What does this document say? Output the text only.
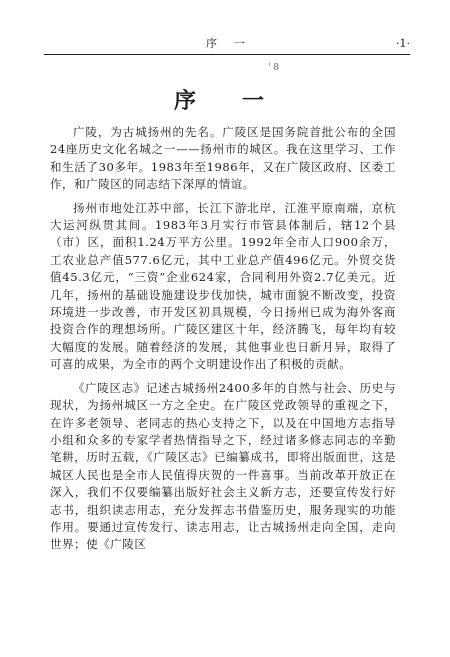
序　一	·1·
' 8
序　一

广陵，为古城扬州的先名。广陵区是国务院首批公布的全国24座历史文化名城之一——扬州市的城区。我在这里学习、工作和生活了30多年。1983年至1986年，又在广陵区政府、区委工作，和广陵区的同志结下深厚的情谊。

扬州市地处江苏中部，长江下游北岸，江淮平原南端，京杭大运河纵贯其间。1983年3月实行市管县体制后，辖12个县（市）区，面积1.24万平方公里。1992年全市人口900余万，工农业总产值577.6亿元，其中工业总产值496亿元。外贸交货值45.3亿元，“三资”企业624家，合同利用外资2.7亿美元。近几年，扬州的基础设施建设步伐加快，城市面貌不断改变，投资环境进一步改善，市开发区初具规模，今日扬州已成为海外客商投资合作的理想场所。广陵区建区十年，经济腾飞，每年均有较大幅度的发展。随着经济的发展，其他事业也日新月异，取得了可喜的成果，为全市的两个文明建设作出了积极的贡献。

《广陵区志》记述古城扬州2400多年的自然与社会、历史与现状，为扬州城区一方之全史。在广陵区党政领导的重视之下，在许多老领导、老同志的热心支持之下，以及在中国地方志指导小组和众多的专家学者热情指导之下，经过诸多修志同志的辛勤笔耕，历时五载，《广陵区志》已编纂成书，即将出版面世，这是城区人民也是全市人民值得庆贺的一件喜事。当前改革开放正在深入，我们不仅要编纂出版好社会主义新方志，还要宣传发行好志书，组织读志用志，充分发挥志书借鉴历史，服务现实的功能作用。要通过宣传发行、读志用志，让古城扬州走向全国，走向世界；使《广陵区
